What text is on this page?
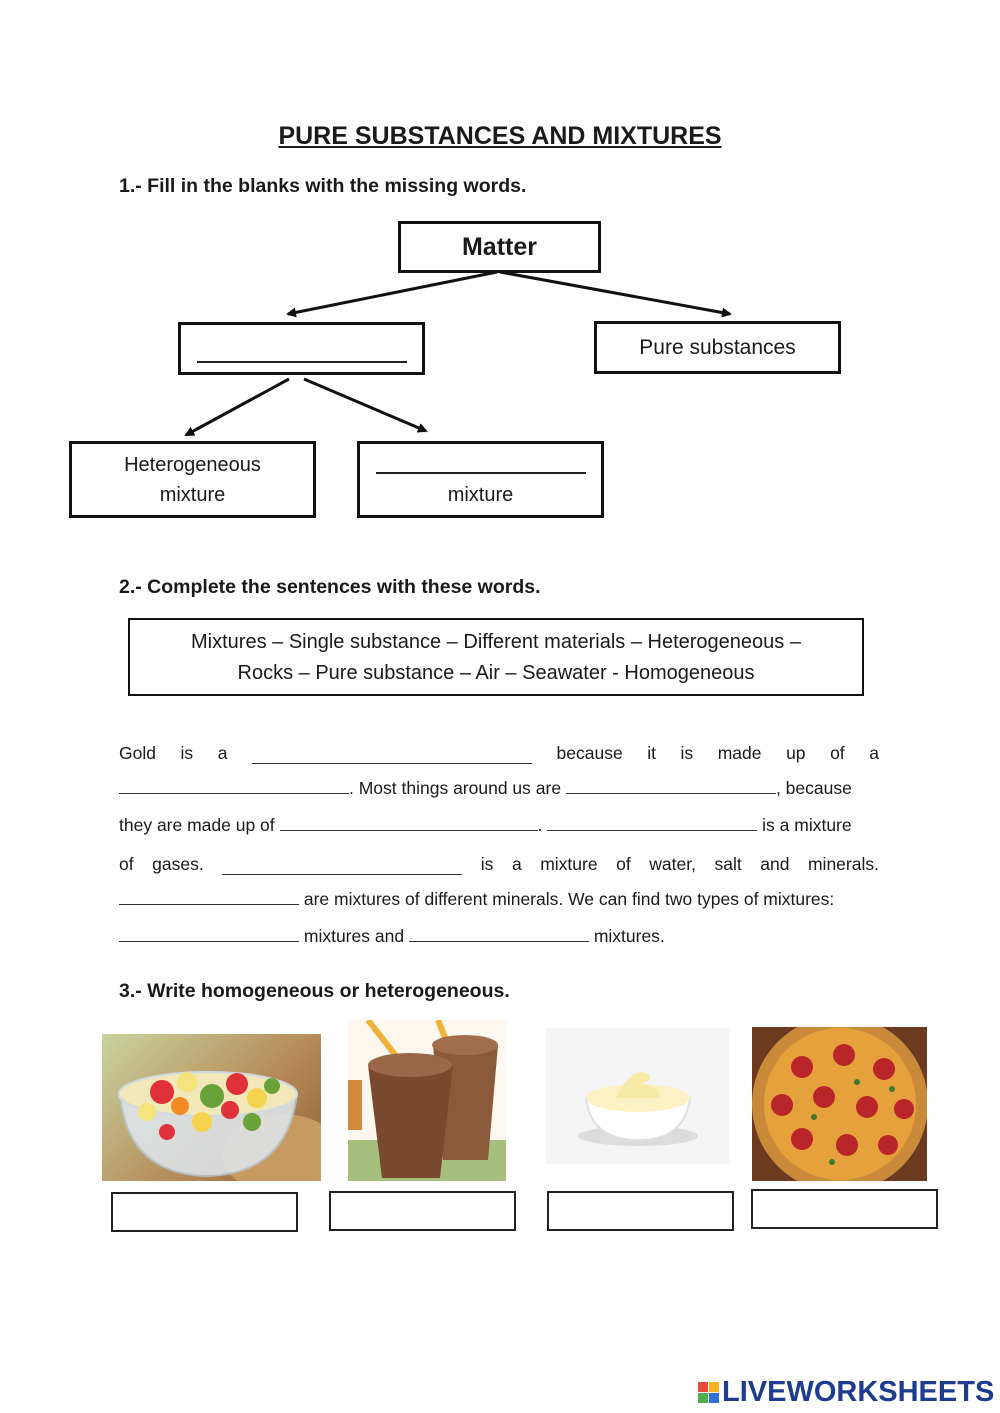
PURE SUBSTANCES AND MIXTURES
1.- Fill in the blanks with the missing words.
Matter
Pure substances
Heterogeneous
mixture	mixture
2.- Complete the sentences with these words.
Mixtures – Single substance – Different materials – Heterogeneous –
Rocks – Pure substance – Air – Seawater - Homogeneous
Gold is a	because it is made up of a
. Most things around us are	, because
they are made up of	.	is a mixture
of gases.	is a mixture of water, salt and minerals.
are mixtures of different minerals. We can find two types of mixtures:
mixtures and	mixtures.
3.- Write homogeneous or heterogeneous.
LIVEWORKSHEETS
